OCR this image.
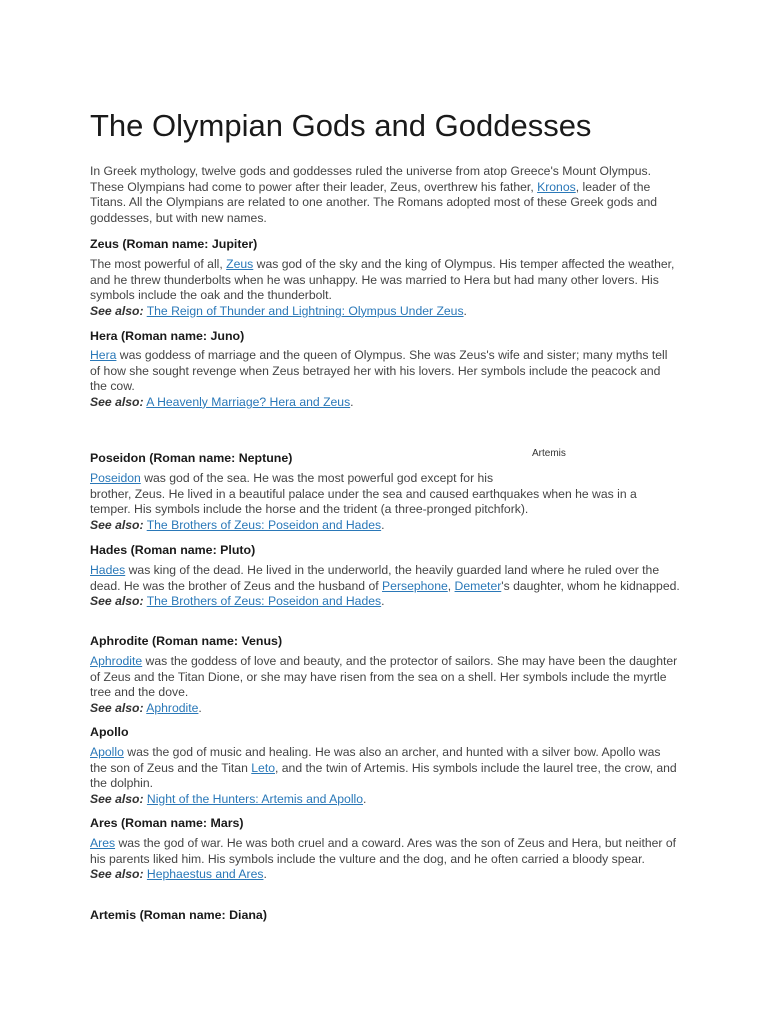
The Olympian Gods and Goddesses

In Greek mythology, twelve gods and goddesses ruled the universe from atop Greece's Mount Olympus. These Olympians had come to power after their leader, Zeus, overthrew his father, Kronos, leader of the Titans. All the Olympians are related to one another. The Romans adopted most of these Greek gods and goddesses, but with new names.

Zeus (Roman name: Jupiter)

The most powerful of all, Zeus was god of the sky and the king of Olympus. His temper affected the weather, and he threw thunderbolts when he was unhappy. He was married to Hera but had many other lovers. His symbols include the oak and the thunderbolt.
See also: The Reign of Thunder and Lightning: Olympus Under Zeus.

Hera (Roman name: Juno)

Hera was goddess of marriage and the queen of Olympus. She was Zeus's wife and sister; many myths tell of how she sought revenge when Zeus betrayed her with his lovers. Her symbols include the peacock and the cow.
See also: A Heavenly Marriage? Hera and Zeus.

Artemis
Poseidon (Roman name: Neptune)

Poseidon was god of the sea. He was the most powerful god except for his
brother, Zeus. He lived in a beautiful palace under the sea and caused earthquakes when he was in a temper. His symbols include the horse and the trident (a three-pronged pitchfork).
See also: The Brothers of Zeus: Poseidon and Hades.

Hades (Roman name: Pluto)

Hades was king of the dead. He lived in the underworld, the heavily guarded land where he ruled over the dead. He was the brother of Zeus and the husband of Persephone, Demeter's daughter, whom he kidnapped.
See also: The Brothers of Zeus: Poseidon and Hades.

Aphrodite (Roman name: Venus)

Aphrodite was the goddess of love and beauty, and the protector of sailors. She may have been the daughter of Zeus and the Titan Dione, or she may have risen from the sea on a shell. Her symbols include the myrtle tree and the dove.
See also: Aphrodite.

Apollo

Apollo was the god of music and healing. He was also an archer, and hunted with a silver bow. Apollo was the son of Zeus and the Titan Leto, and the twin of Artemis. His symbols include the laurel tree, the crow, and the dolphin.
See also: Night of the Hunters: Artemis and Apollo.

Ares (Roman name: Mars)

Ares was the god of war. He was both cruel and a coward. Ares was the son of Zeus and Hera, but neither of his parents liked him. His symbols include the vulture and the dog, and he often carried a bloody spear.
See also: Hephaestus and Ares.

Artemis (Roman name: Diana)
